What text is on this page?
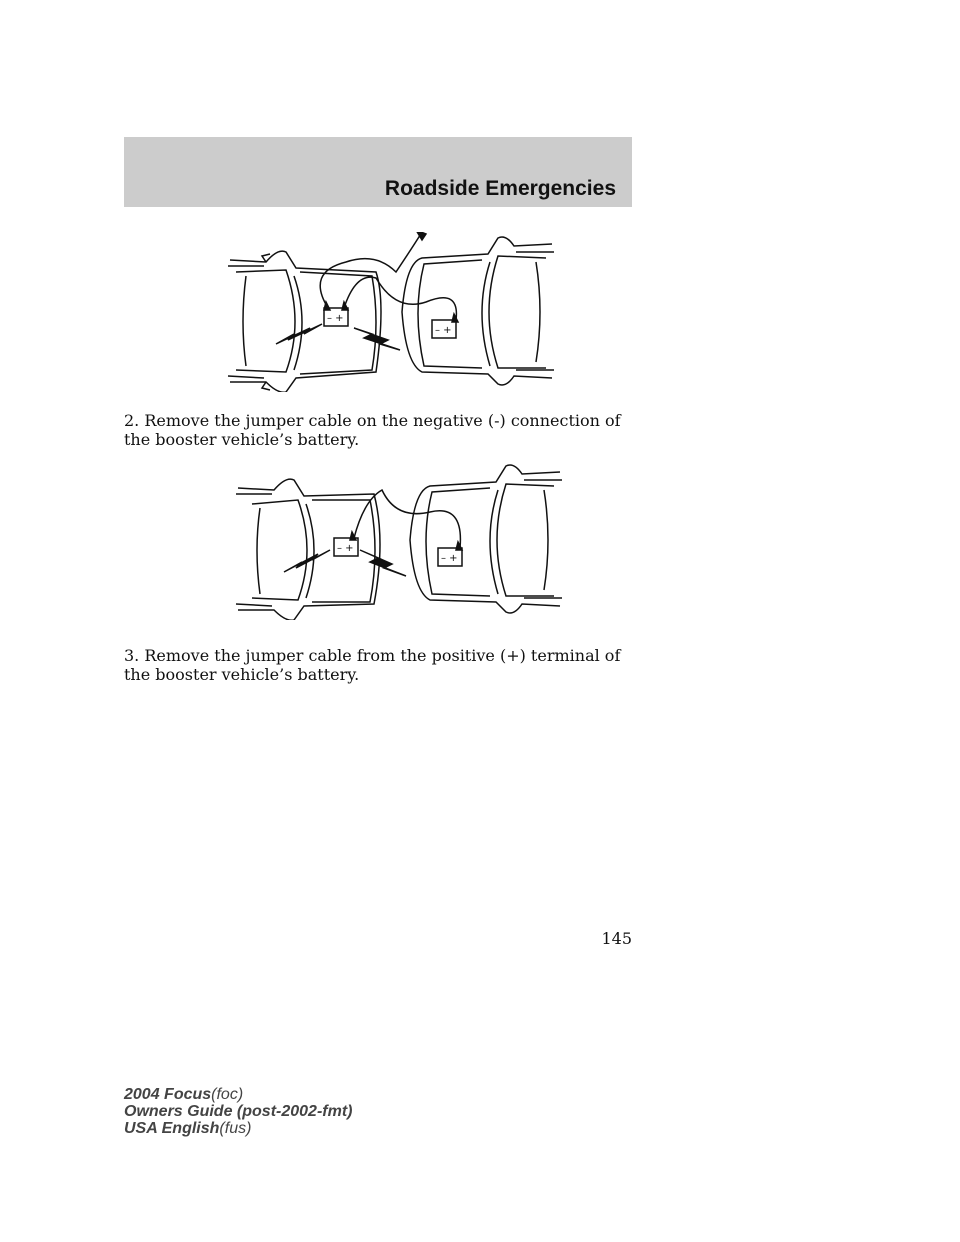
Roadside Emergencies
– +
– +
2. Remove the jumper cable on the negative (-) connection of the booster vehicle’s battery.
– +
– +
3. Remove the jumper cable from the positive (+) terminal of the booster vehicle’s battery.
145
2004 Focus(foc)
Owners Guide (post-2002-fmt)
USA English(fus)
